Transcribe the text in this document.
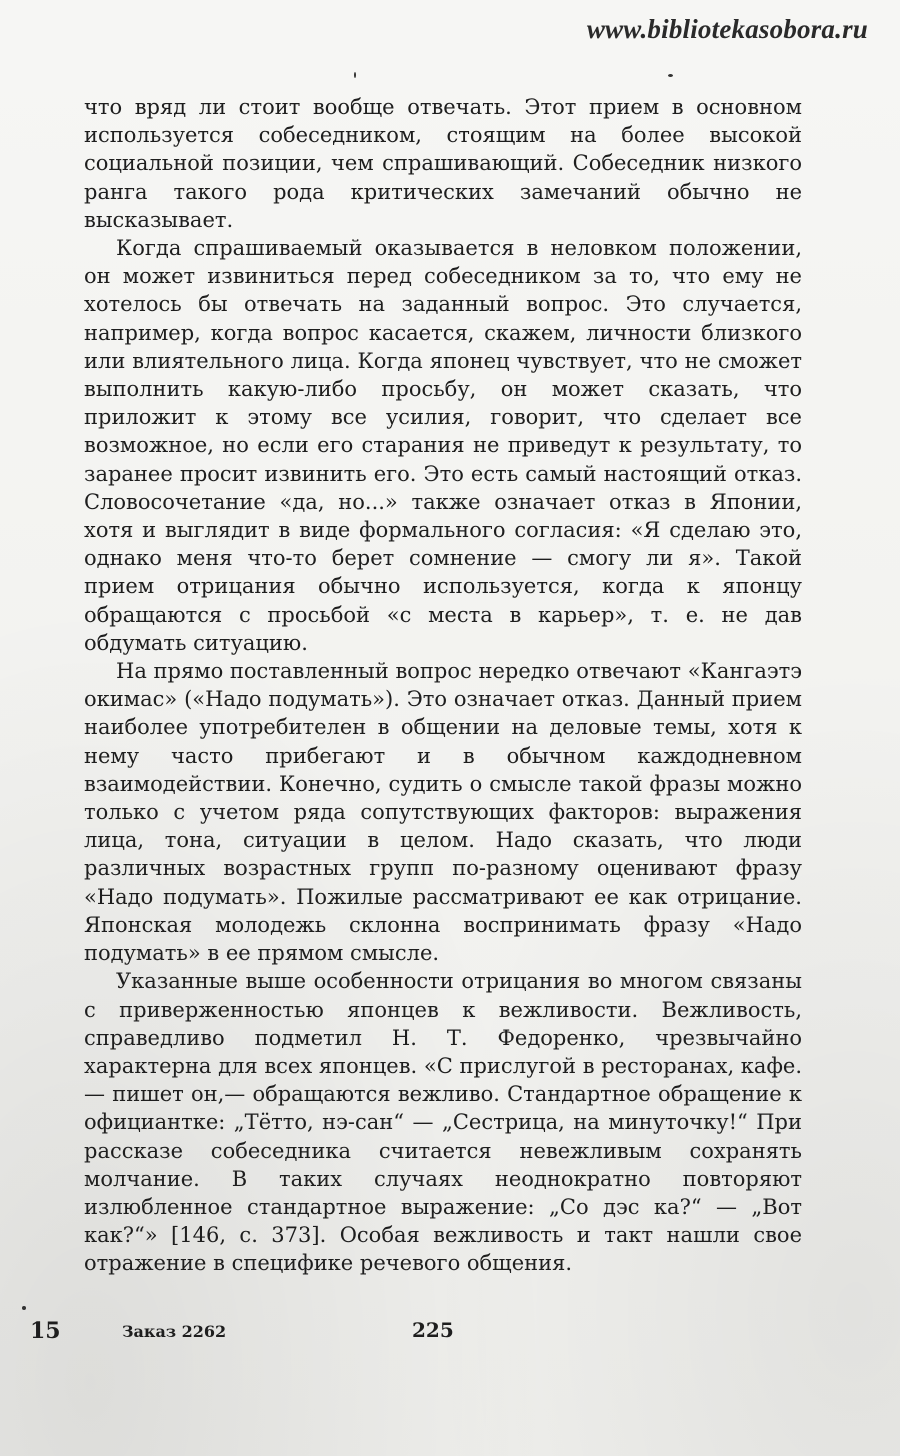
www.bibliotekasobora.ru

что вряд ли стоит вообще отвечать. Этот прием в основном используется собеседником, стоящим на более высокой социальной позиции, чем спрашивающий. Собеседник низкого ранга такого рода критических замечаний обычно не высказывает.

Когда спрашиваемый оказывается в неловком положении, он может извиниться перед собеседником за то, что ему не хотелось бы отвечать на заданный вопрос. Это случается, например, когда вопрос касается, скажем, личности близкого или влиятельного лица. Когда японец чувствует, что не сможет выполнить какую-либо просьбу, он может сказать, что приложит к этому все усилия, говорит, что сделает все возможное, но если его старания не приведут к результату, то заранее просит извинить его. Это есть самый настоящий отказ. Словосочетание «да, но...» также означает отказ в Японии, хотя и выглядит в виде формального согласия: «Я сделаю это, однако меня что-то берет сомнение — смогу ли я». Такой прием отрицания обычно используется, когда к японцу обращаются с просьбой «с места в карьер», т. е. не дав обдумать ситуацию.

На прямо поставленный вопрос нередко отвечают «Кангаэтэ окимас» («Надо подумать»). Это означает отказ. Данный прием наиболее употребителен в общении на деловые темы, хотя к нему часто прибегают и в обычном каждодневном взаимодействии. Конечно, судить о смысле такой фразы можно только с учетом ряда сопутствующих факторов: выражения лица, тона, ситуации в целом. Надо сказать, что люди различных возрастных групп по-разному оценивают фразу «Надо подумать». Пожилые рассматривают ее как отрицание. Японская молодежь склонна воспринимать фразу «Надо подумать» в ее прямом смысле.

Указанные выше особенности отрицания во многом связаны с приверженностью японцев к вежливости. Вежливость, справедливо подметил Н. Т. Федоренко, чрезвычайно характерна для всех японцев. «С прислугой в ресторанах, кафе.— пишет он,— обращаются вежливо. Стандартное обращение к официантке: „Тётто, нэ-сан“ — „Сестрица, на минуточку!“ При рассказе собеседника считается невежливым сохранять молчание. В таких случаях неоднократно повторяют излюбленное стандартное выражение: „Со дэс ка?“ — „Вот как?“» [146, с. 373]. Особая вежливость и такт нашли свое отражение в специфике речевого общения.

15	Заказ 2262	225
